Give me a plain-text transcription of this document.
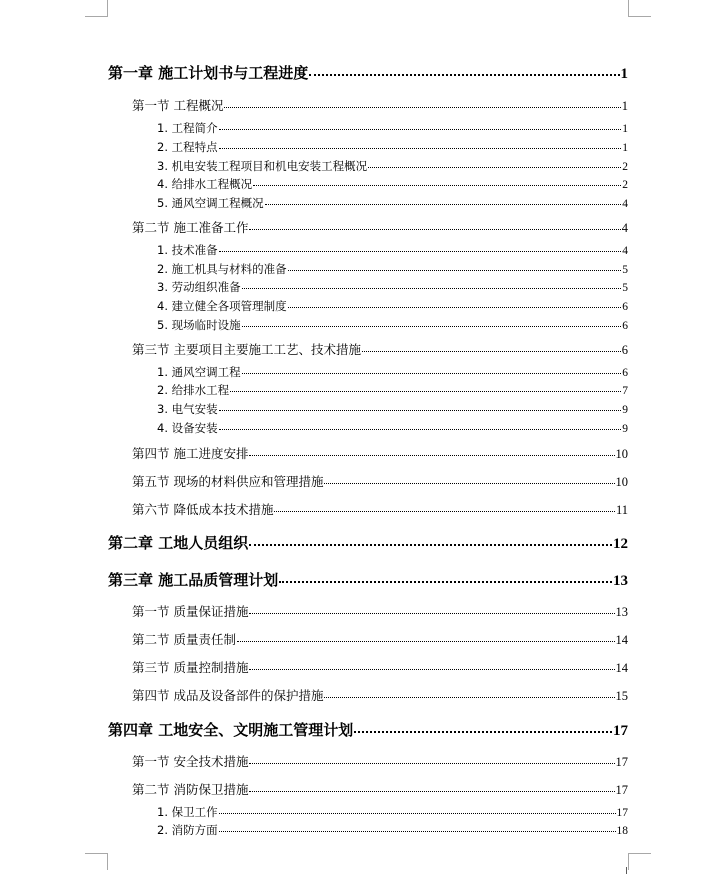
第一章 施工计划书与工程进度	1
第一节 工程概况	1
1. 工程简介	1
2. 工程特点	1
3. 机电安装工程项目和机电安装工程概况	2
4. 给排水工程概况	2
5. 通风空调工程概况	4
第二节 施工准备工作	4
1. 技术准备	4
2. 施工机具与材料的准备	5
3. 劳动组织准备	5
4. 建立健全各项管理制度	6
5. 现场临时设施	6
第三节 主要项目主要施工工艺、技术措施	6
1. 通风空调工程	6
2. 给排水工程	7
3. 电气安装	9
4. 设备安装	9
第四节 施工进度安排	10
第五节 现场的材料供应和管理措施	10
第六节 降低成本技术措施	11
第二章 工地人员组织	12
第三章 施工品质管理计划	13
第一节 质量保证措施	13
第二节 质量责任制	14
第三节 质量控制措施	14
第四节 成品及设备部件的保护措施	15
第四章 工地安全、文明施工管理计划	17
第一节 安全技术措施	17
第二节 消防保卫措施	17
1. 保卫工作	17
2. 消防方面	18
I
